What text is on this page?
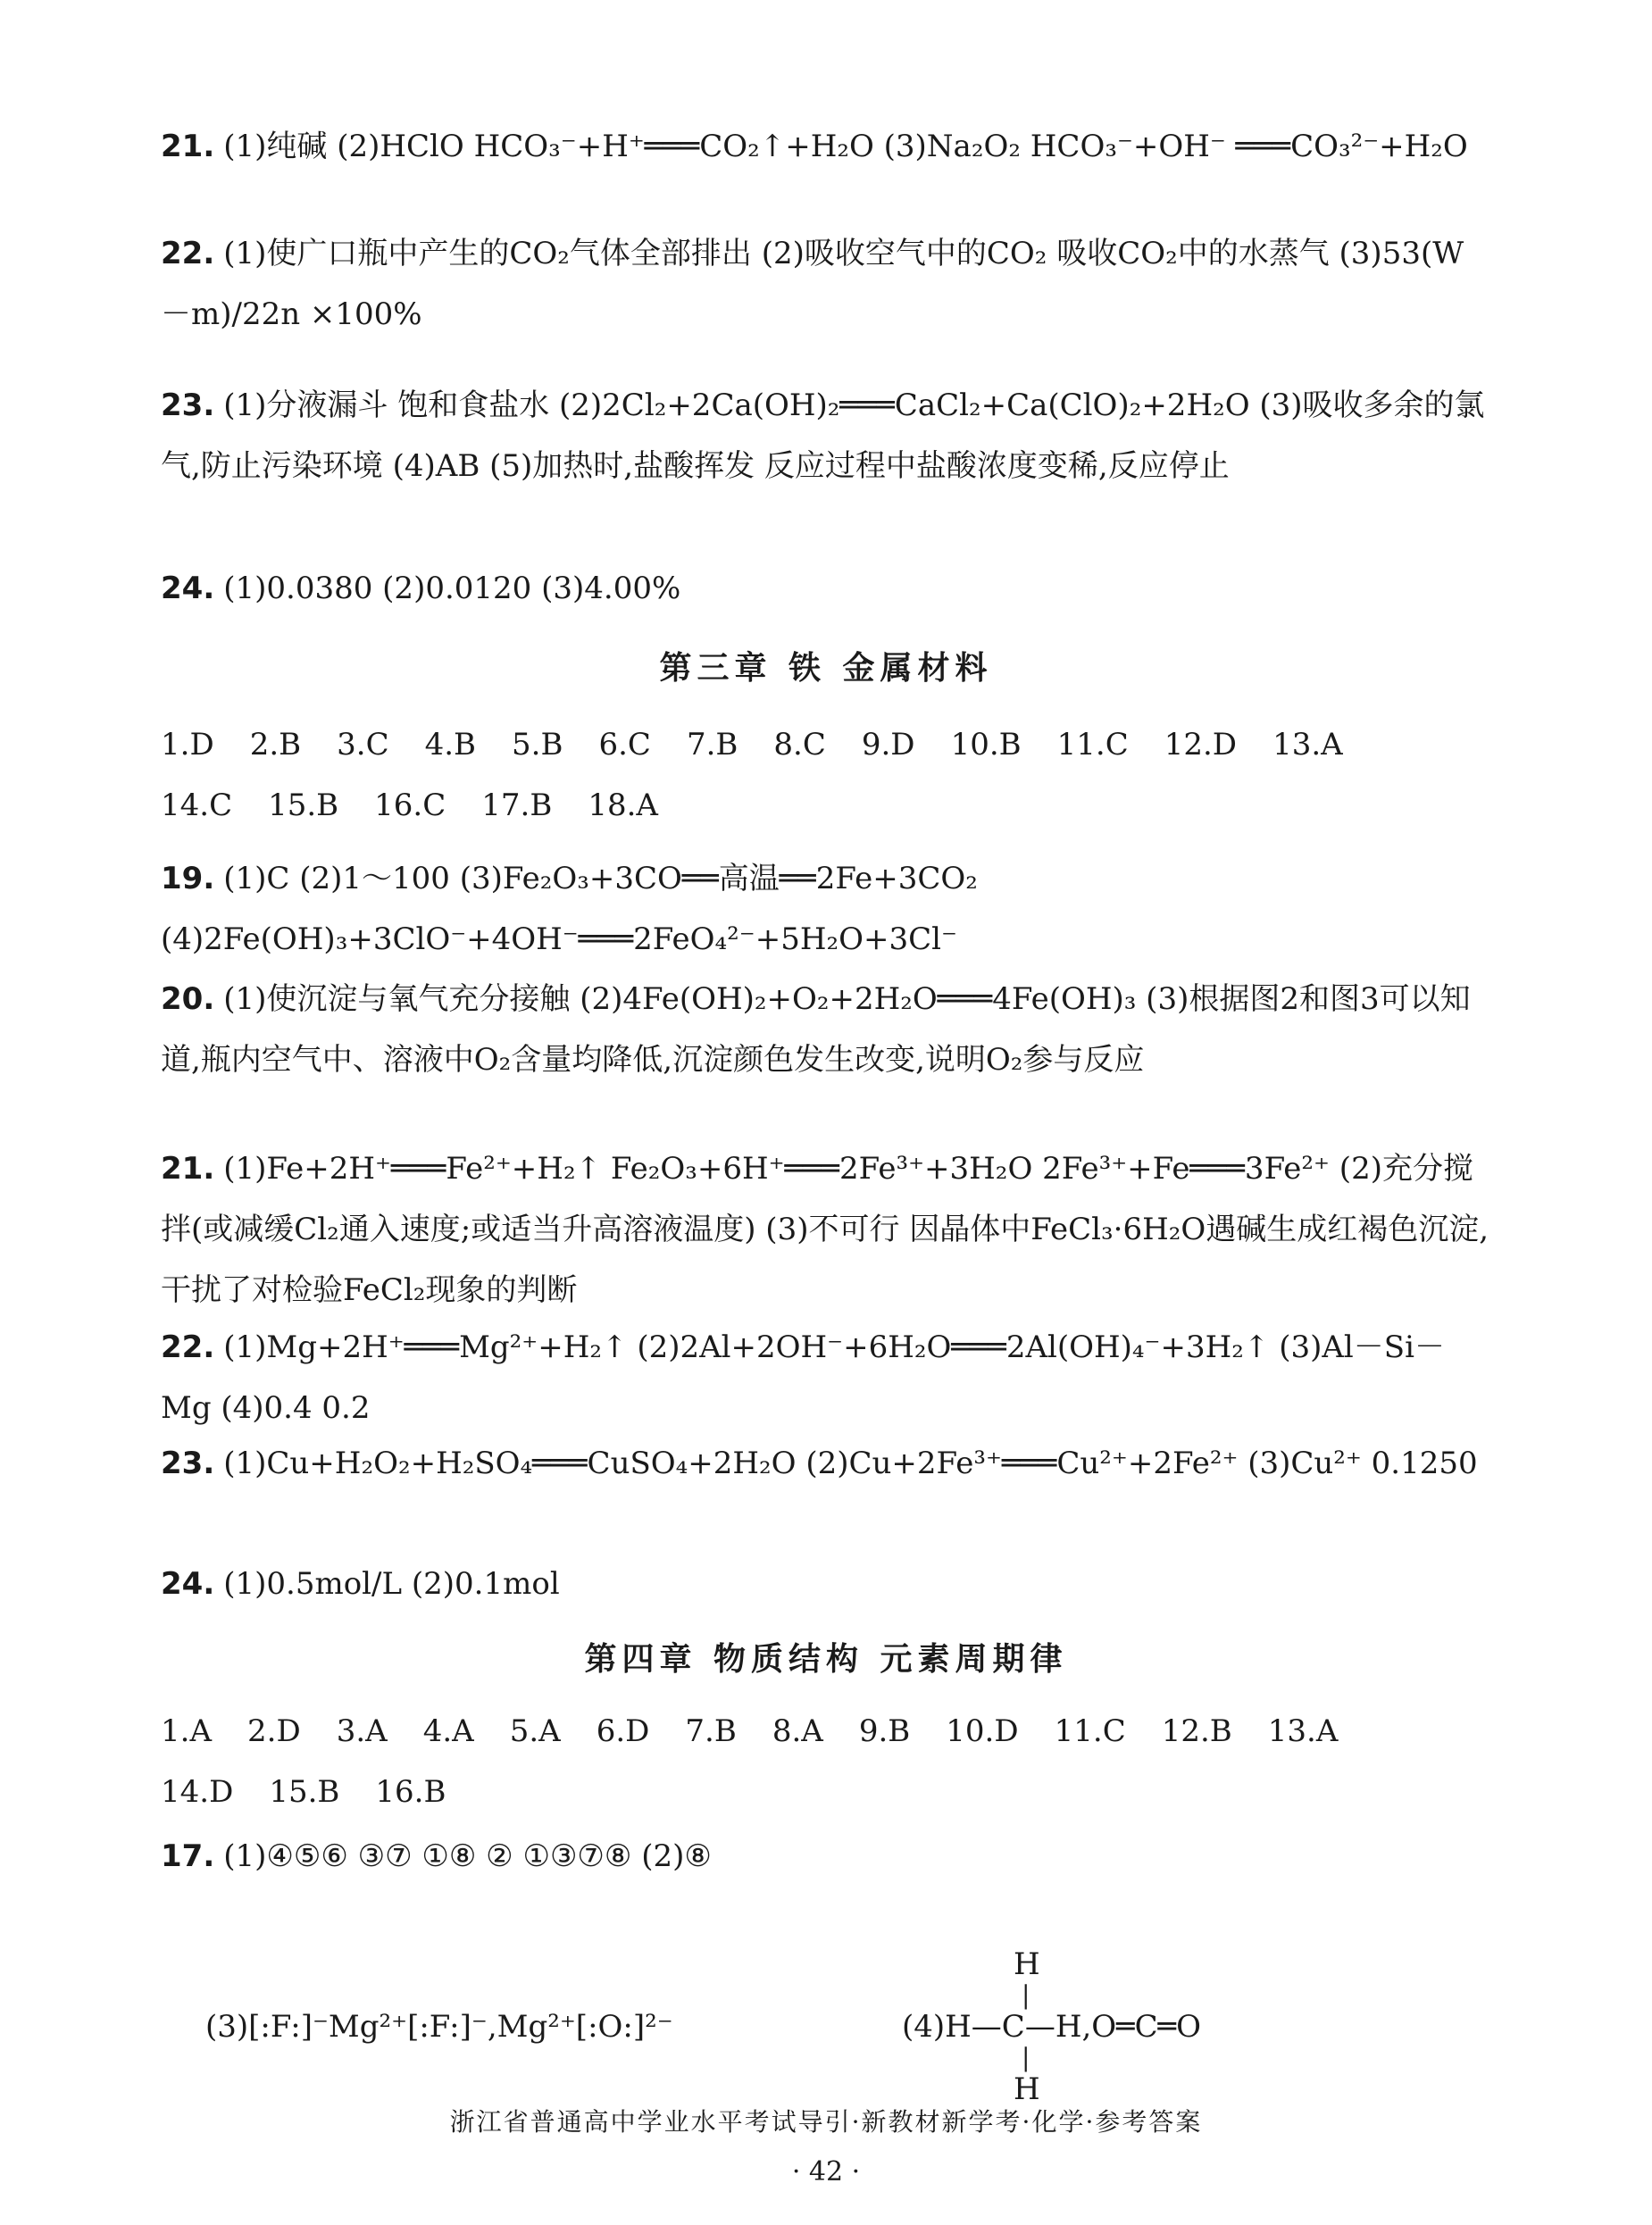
21. (1)纯碱 (2)HClO HCO₃⁻+H⁺═══CO₂↑+H₂O (3)Na₂O₂ HCO₃⁻+OH⁻ ═══CO₃²⁻+H₂O

22. (1)使广口瓶中产生的CO₂气体全部排出 (2)吸收空气中的CO₂ 吸收CO₂中的水蒸气 (3)53(W－m)/22n ×100%

23. (1)分液漏斗 饱和食盐水 (2)2Cl₂+2Ca(OH)₂═══CaCl₂+Ca(ClO)₂+2H₂O (3)吸收多余的氯气,防止污染环境 (4)AB (5)加热时,盐酸挥发 反应过程中盐酸浓度变稀,反应停止

24. (1)0.0380 (2)0.0120 (3)4.00%

第三章 铁 金属材料
1.D 2.B 3.C 4.B 5.B 6.C 7.B 8.C 9.D 10.B 11.C 12.D 13.A
14.C 15.B 16.C 17.B 18.A

19. (1)C (2)1～100 (3)Fe₂O₃+3CO══高温══2Fe+3CO₂ (4)2Fe(OH)₃+3ClO⁻+4OH⁻═══2FeO₄²⁻+5H₂O+3Cl⁻

20. (1)使沉淀与氧气充分接触 (2)4Fe(OH)₂+O₂+2H₂O═══4Fe(OH)₃ (3)根据图2和图3可以知道,瓶内空气中、溶液中O₂含量均降低,沉淀颜色发生改变,说明O₂参与反应

21. (1)Fe+2H⁺═══Fe²⁺+H₂↑ Fe₂O₃+6H⁺═══2Fe³⁺+3H₂O 2Fe³⁺+Fe═══3Fe²⁺ (2)充分搅拌(或减缓Cl₂通入速度;或适当升高溶液温度) (3)不可行 因晶体中FeCl₃·6H₂O遇碱生成红褐色沉淀,干扰了对检验FeCl₂现象的判断

22. (1)Mg+2H⁺═══Mg²⁺+H₂↑ (2)2Al+2OH⁻+6H₂O═══2Al(OH)₄⁻+3H₂↑ (3)Al－Si－Mg (4)0.4 0.2

23. (1)Cu+H₂O₂+H₂SO₄═══CuSO₄+2H₂O (2)Cu+2Fe³⁺═══Cu²⁺+2Fe²⁺ (3)Cu²⁺ 0.1250

24. (1)0.5mol/L (2)0.1mol

第四章 物质结构 元素周期律
1.A 2.D 3.A 4.A 5.A 6.D 7.B 8.A 9.B 10.D 11.C 12.B 13.A
14.D 15.B 16.B

17. (1)④⑤⑥ ③⑦ ①⑧ ② ①③⑦⑧ (2)⑧

(3)[:F:]⁻Mg²⁺[:F:]⁻,Mg²⁺[:O:]²⁻	(4)H—C—H,O═C═O
H
|
|
H
浙江省普通高中学业水平考试导引·新教材新学考·化学·参考答案
· 42 ·
